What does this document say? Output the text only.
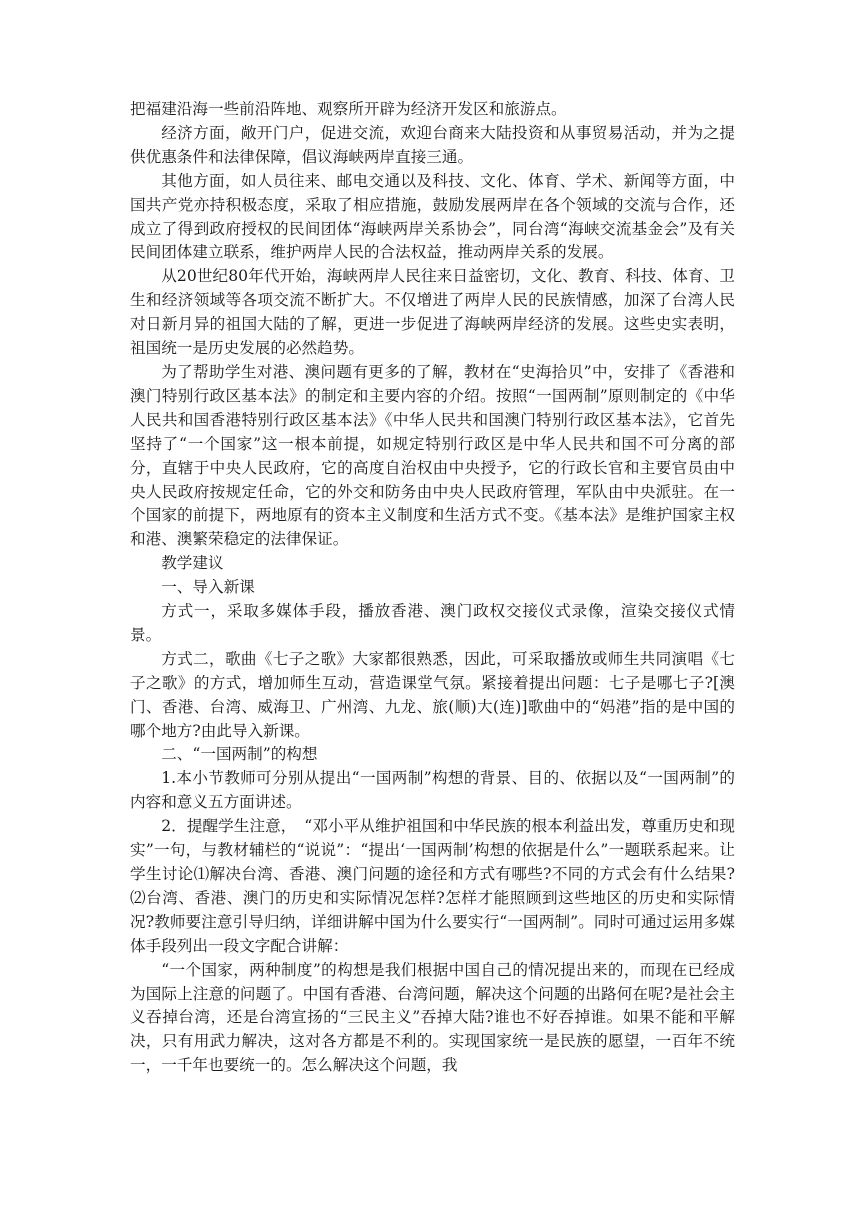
把福建沿海一些前沿阵地、观察所开辟为经济开发区和旅游点。

经济方面，敞开门户，促进交流，欢迎台商来大陆投资和从事贸易活动，并为之提供优惠条件和法律保障，倡议海峡两岸直接三通。

其他方面，如人员往来、邮电交通以及科技、文化、体育、学术、新闻等方面，中国共产党亦持积极态度，采取了相应措施，鼓励发展两岸在各个领域的交流与合作，还成立了得到政府授权的民间团体“海峡两岸关系协会”，同台湾“海峡交流基金会”及有关民间团体建立联系，维护两岸人民的合法权益，推动两岸关系的发展。

从20世纪80年代开始，海峡两岸人民往来日益密切，文化、教育、科技、体育、卫生和经济领域等各项交流不断扩大。不仅增进了两岸人民的民族情感，加深了台湾人民对日新月异的祖国大陆的了解，更进一步促进了海峡两岸经济的发展。这些史实表明，祖国统一是历史发展的必然趋势。

为了帮助学生对港、澳问题有更多的了解，教材在“史海拾贝”中，安排了《香港和澳门特别行政区基本法》的制定和主要内容的介绍。按照“一国两制”原则制定的《中华人民共和国香港特别行政区基本法》《中华人民共和国澳门特别行政区基本法》，它首先坚持了“一个国家”这一根本前提，如规定特别行政区是中华人民共和国不可分离的部分，直辖于中央人民政府，它的高度自治权由中央授予，它的行政长官和主要官员由中央人民政府按规定任命，它的外交和防务由中央人民政府管理，军队由中央派驻。在一个国家的前提下，两地原有的资本主义制度和生活方式不变。《基本法》是维护国家主权和港、澳繁荣稳定的法律保证。

教学建议

一、导入新课

方式一，采取多媒体手段，播放香港、澳门政权交接仪式录像，渲染交接仪式情景。

方式二，歌曲《七子之歌》大家都很熟悉，因此，可采取播放或师生共同演唱《七子之歌》的方式，增加师生互动，营造课堂气氛。紧接着提出问题：七子是哪七子?[澳门、香港、台湾、威海卫、广州湾、九龙、旅(顺)大(连)]歌曲中的“妈港”指的是中国的哪个地方?由此导入新课。

二、“一国两制”的构想

1.本小节教师可分别从提出“一国两制”构想的背景、目的、依据以及“一国两制”的内容和意义五方面讲述。

2．提醒学生注意，　“邓小平从维护祖国和中华民族的根本利益出发，尊重历史和现实”一句，与教材辅栏的“说说”：“提出‘一国两制’构想的依据是什么”一题联系起来。让学生讨论⑴解决台湾、香港、澳门问题的途径和方式有哪些?不同的方式会有什么结果?　⑵台湾、香港、澳门的历史和实际情况怎样?怎样才能照顾到这些地区的历史和实际情况?教师要注意引导归纳，详细讲解中国为什么要实行“一国两制”。同时可通过运用多媒体手段列出一段文字配合讲解：

“一个国家，两种制度”的构想是我们根据中国自己的情况提出来的，而现在已经成为国际上注意的问题了。中国有香港、台湾问题，解决这个问题的出路何在呢?是社会主义吞掉台湾，还是台湾宣扬的“三民主义”吞掉大陆?谁也不好吞掉谁。如果不能和平解决，只有用武力解决，这对各方都是不利的。实现国家统一是民族的愿望，一百年不统一，一千年也要统一的。怎么解决这个问题，我
